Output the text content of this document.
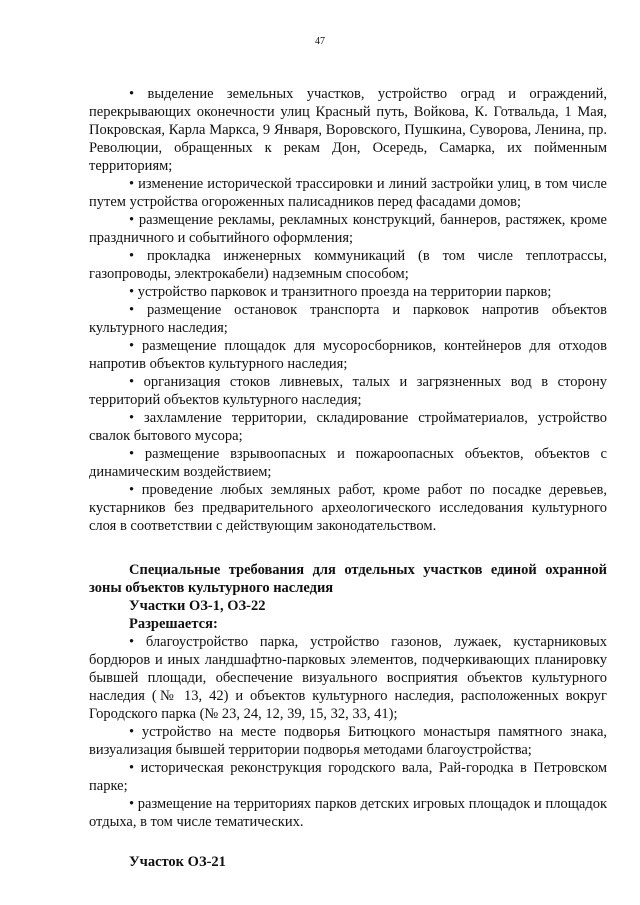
47

• выделение земельных участков, устройство оград и ограждений, перекрывающих оконечности улиц Красный путь, Войкова, К. Готвальда, 1 Мая, Покровская, Карла Маркса, 9 Января, Воровского, Пушкина, Суворова, Ленина, пр. Революции, обращенных к рекам Дон, Осередь, Самарка, их пойменным территориям;

• изменение исторической трассировки и линий застройки улиц, в том числе путем устройства огороженных палисадников перед фасадами домов;

• размещение рекламы, рекламных конструкций, баннеров, растяжек, кроме праздничного и событийного оформления;

• прокладка инженерных коммуникаций (в том числе теплотрассы, газопроводы, электрокабели) надземным способом;

• устройство парковок и транзитного проезда на территории парков;

• размещение остановок транспорта и парковок напротив объектов культурного наследия;

• размещение площадок для мусоросборников, контейнеров для отходов напротив объектов культурного наследия;

• организация стоков ливневых, талых и загрязненных вод в сторону территорий объектов культурного наследия;

• захламление территории, складирование стройматериалов, устройство свалок бытового мусора;

• размещение взрывоопасных и пожароопасных объектов, объектов с динамическим воздействием;

• проведение любых земляных работ, кроме работ по посадке деревьев, кустарников без предварительного археологического исследования культурного слоя в соответствии с действующим законодательством.

Специальные требования для отдельных участков единой охранной зоны объектов культурного наследия

Участки ОЗ-1, ОЗ-22

Разрешается:

• благоустройство парка, устройство газонов, лужаек, кустарниковых бордюров и иных ландшафтно-парковых элементов, подчеркивающих планировку бывшей площади, обеспечение визуального восприятия объектов культурного наследия (№ 13, 42) и объектов культурного наследия, расположенных вокруг Городского парка (№ 23, 24, 12, 39, 15, 32, 33, 41);

• устройство на месте подворья Битюцкого монастыря памятного знака, визуализация бывшей территории подворья методами благоустройства;

• историческая реконструкция городского вала, Рай-городка в Петровском парке;

• размещение на территориях парков детских игровых площадок и площадок отдыха, в том числе тематических.

Участок ОЗ-21
